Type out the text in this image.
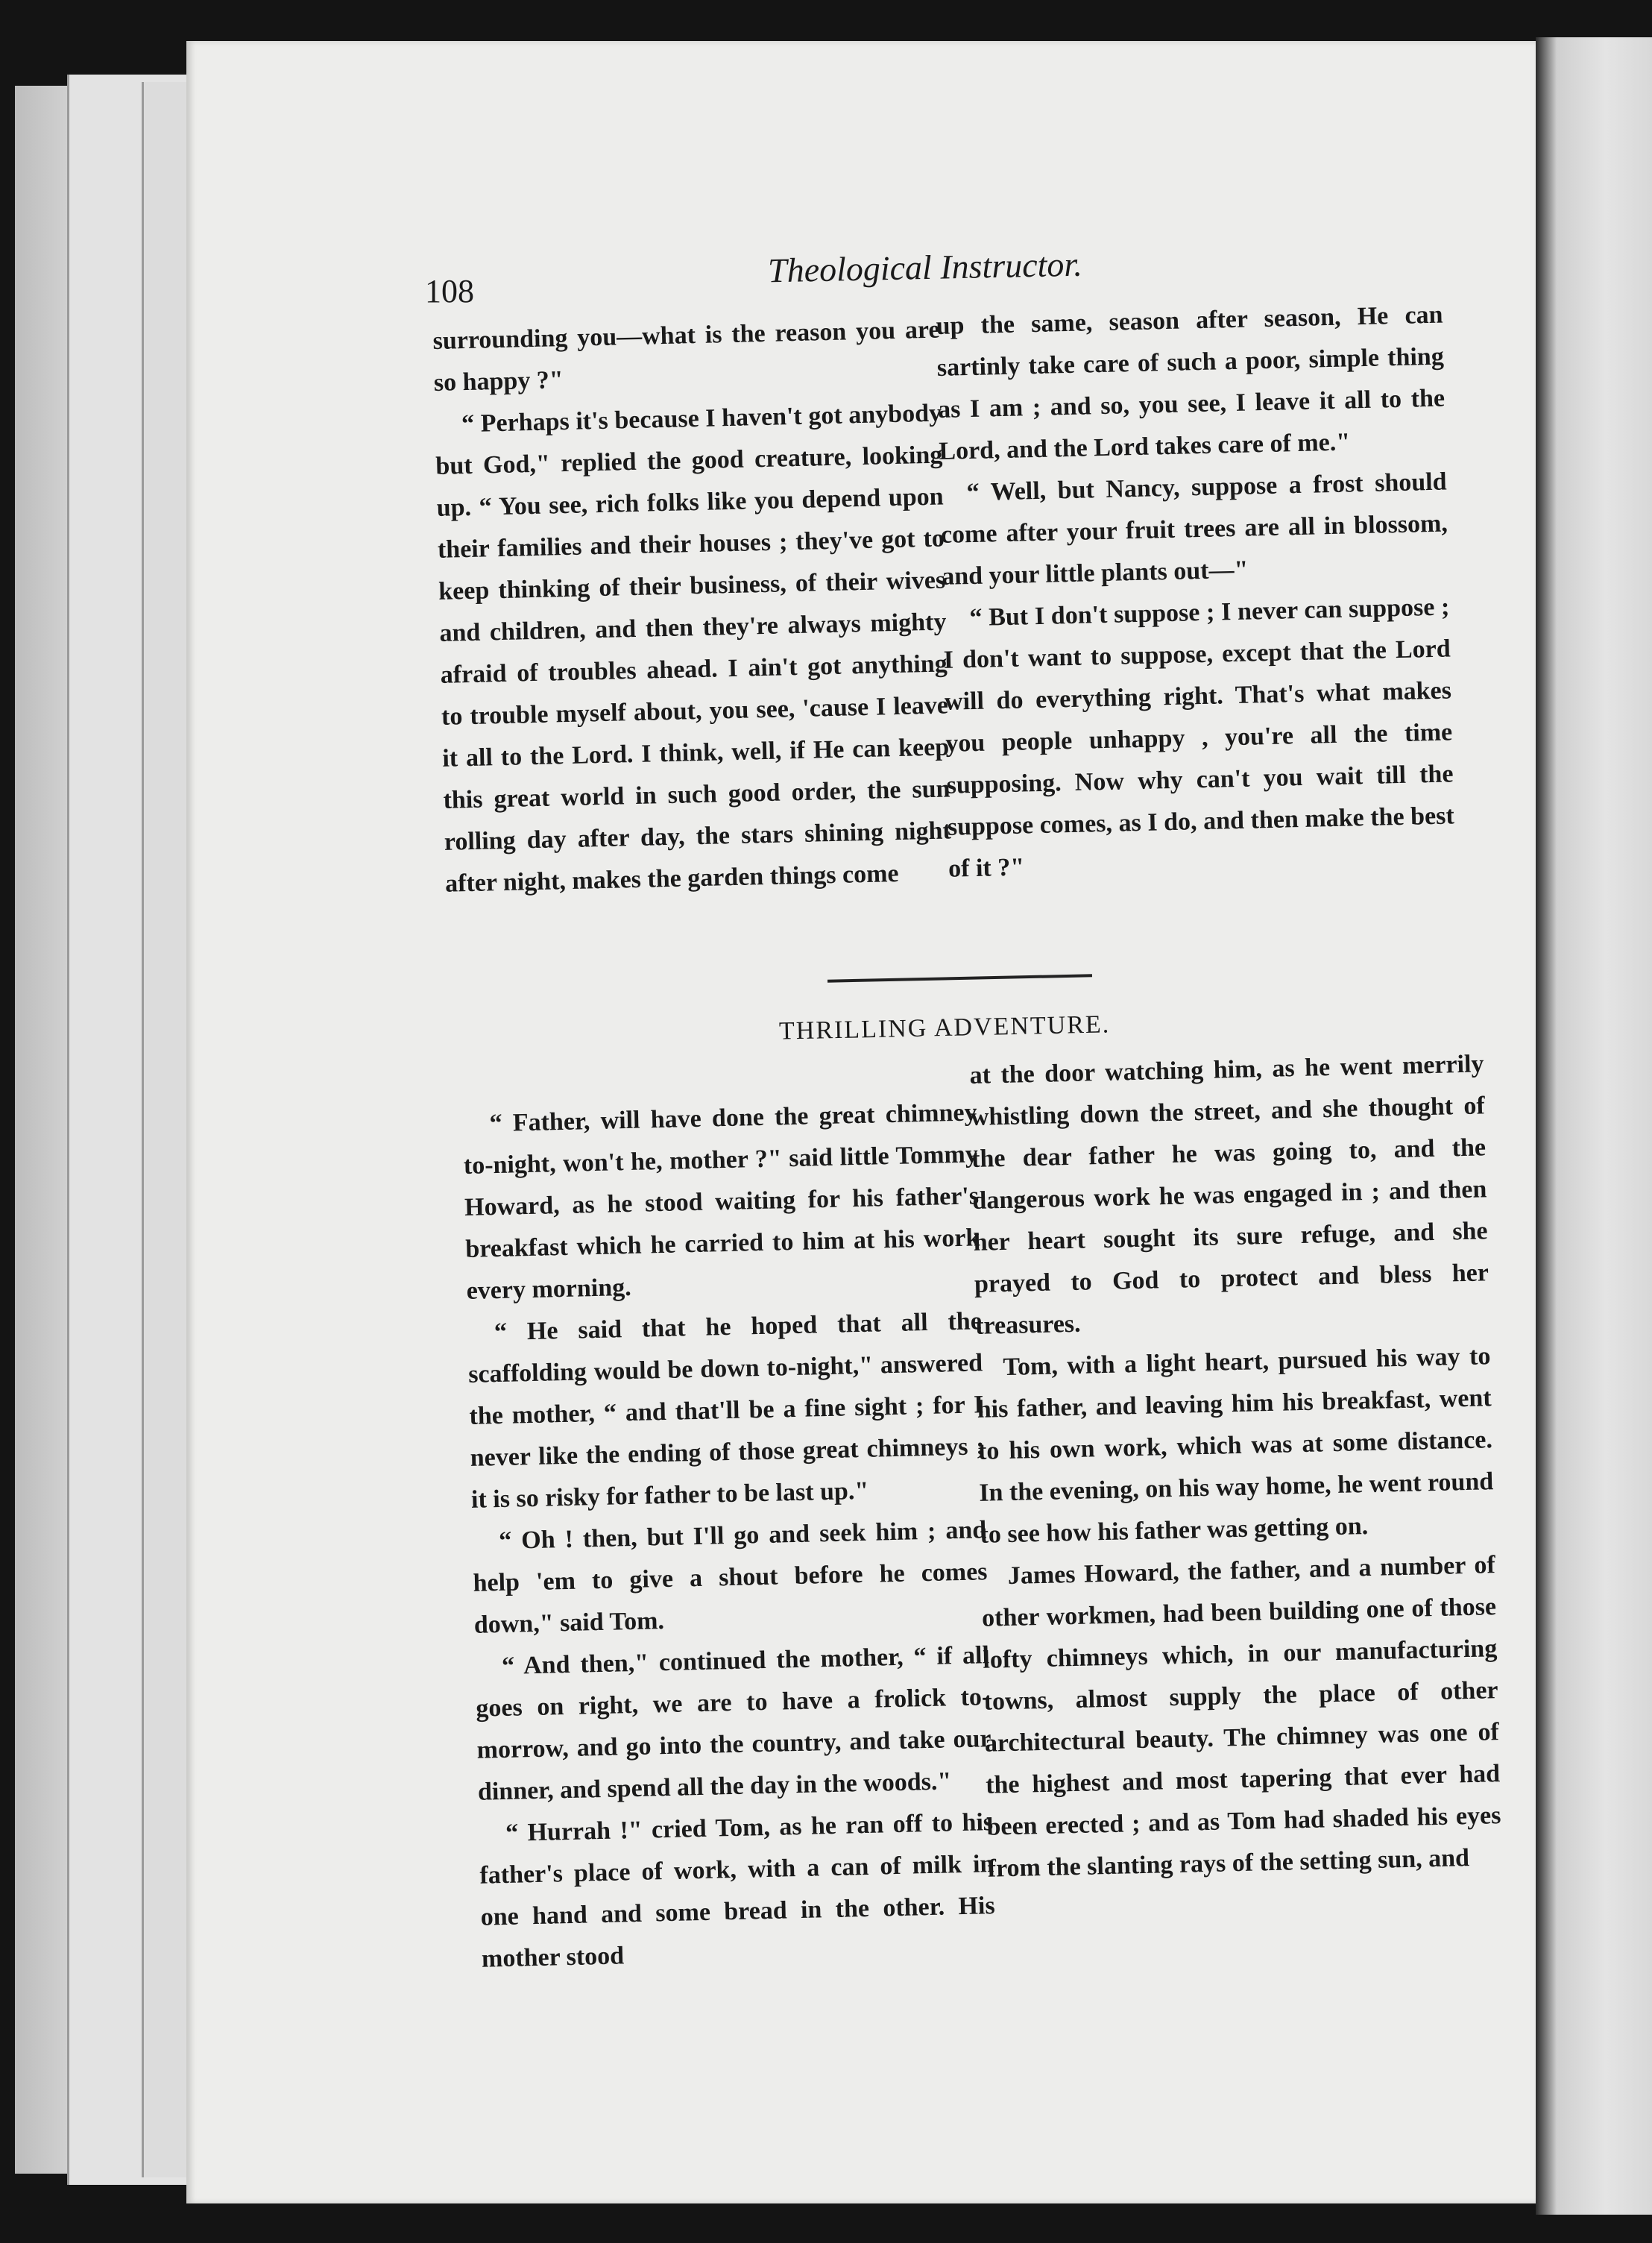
108
Theological Instructor.

surrounding you—what is the reason you are so happy ?"

“ Perhaps it's because I haven't got anybody but God," replied the good creature, looking up. “ You see, rich folks like you depend upon their families and their houses ; they've got to keep thinking of their business, of their wives and children, and then they're always mighty afraid of troubles ahead. I ain't got anything to trouble myself about, you see, 'cause I leave it all to the Lord. I think, well, if He can keep this great world in such good order, the sun rolling day after day, the stars shining night after night, makes the garden things come

up the same, season after season, He can sartinly take care of such a poor, simple thing as I am ; and so, you see, I leave it all to the Lord, and the Lord takes care of me."

“ Well, but Nancy, suppose a frost should come after your fruit trees are all in blossom, and your little plants out—"

“ But I don't suppose ; I never can suppose ; I don't want to suppose, except that the Lord will do everything right. That's what makes you people unhappy , you're all the time supposing. Now why can't you wait till the suppose comes, as I do, and then make the best of it ?"

THRILLING ADVENTURE.

“ Father, will have done the great chimney to-night, won't he, mother ?" said little Tommy Howard, as he stood waiting for his father's breakfast which he carried to him at his work every morning.

“ He said that he hoped that all the scaffolding would be down to-night," answered the mother, “ and that'll be a fine sight ; for I never like the ending of those great chimneys ; it is so risky for father to be last up."

“ Oh ! then, but I'll go and seek him ; and help 'em to give a shout before he comes down," said Tom.

“ And then," continued the mother, “ if all goes on right, we are to have a frolick to-morrow, and go into the country, and take our dinner, and spend all the day in the woods."

“ Hurrah !" cried Tom, as he ran off to his father's place of work, with a can of milk in one hand and some bread in the other. His mother stood

at the door watching him, as he went merrily whistling down the street, and she thought of the dear father he was going to, and the dangerous work he was engaged in ; and then her heart sought its sure refuge, and she prayed to God to protect and bless her treasures.

Tom, with a light heart, pursued his way to his father, and leaving him his breakfast, went to his own work, which was at some distance. In the evening, on his way home, he went round to see how his father was getting on.

James Howard, the father, and a number of other workmen, had been building one of those lofty chimneys which, in our manufacturing towns, almost supply the place of other architectural beauty. The chimney was one of the highest and most tapering that ever had been erected ; and as Tom had shaded his eyes from the slanting rays of the setting sun, and
